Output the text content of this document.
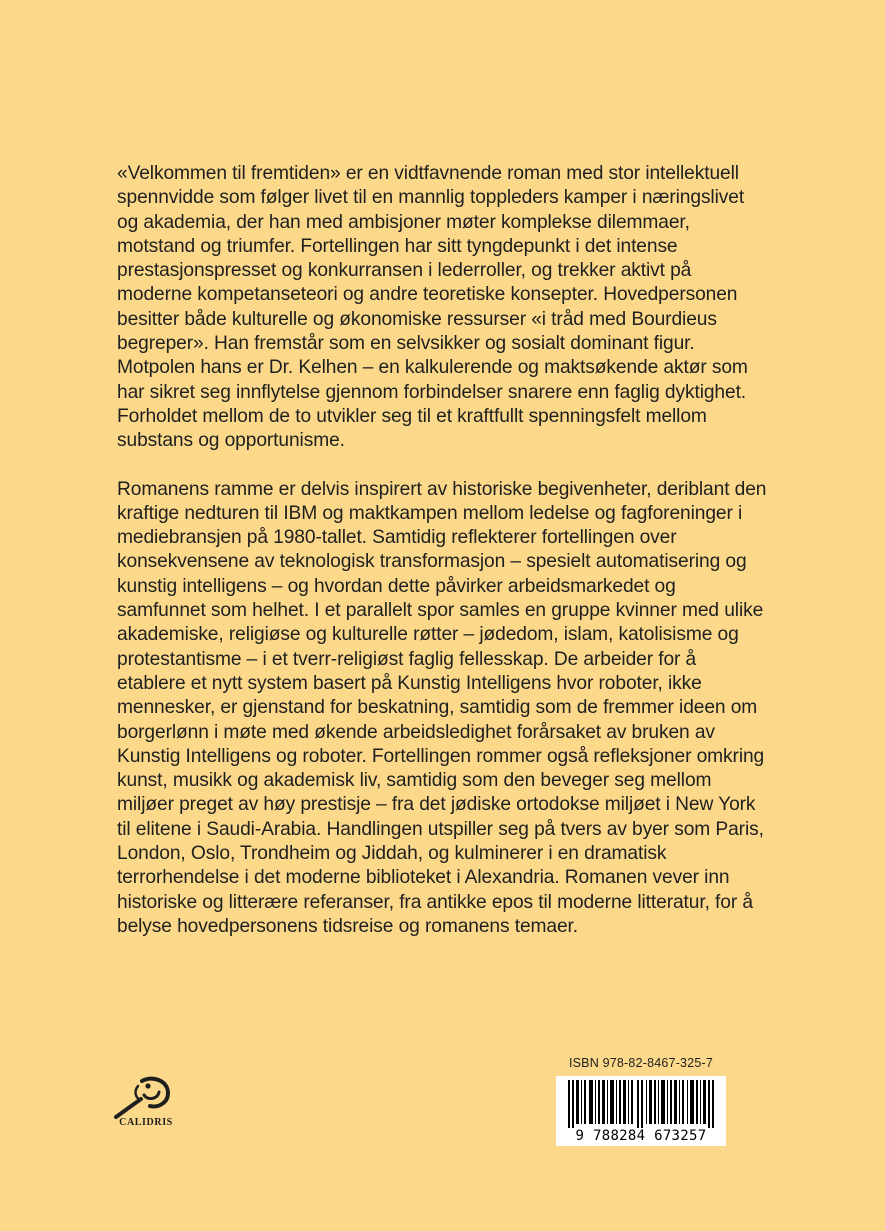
«Velkommen til fremtiden» er en vidtfavnende roman med stor intellektuell spennvidde som følger livet til en mannlig toppleders kamper i næringslivet og akademia, der han med ambisjoner møter komplekse dilemmaer, motstand og triumfer. Fortellingen har sitt tyngdepunkt i det intense prestasjonspresset og konkurransen i lederroller, og trekker aktivt på moderne kompetanseteori og andre teoretiske konsepter. Hovedpersonen besitter både kulturelle og økonomiske ressurser «i tråd med Bourdieus begreper». Han fremstår som en selvsikker og sosialt dominant figur. Motpolen hans er Dr. Kelhen – en kalkulerende og maktsøkende aktør som har sikret seg innflytelse gjennom forbindelser snarere enn faglig dyktighet. Forholdet mellom de to utvikler seg til et kraftfullt spenningsfelt mellom substans og opportunisme.

Romanens ramme er delvis inspirert av historiske begivenheter, deriblant den kraftige nedturen til IBM og maktkampen mellom ledelse og fagforeninger i mediebransjen på 1980-tallet. Samtidig reflekterer fortellingen over konsekvensene av teknologisk transformasjon – spesielt automatisering og kunstig intelligens – og hvordan dette påvirker arbeidsmarkedet og samfunnet som helhet. I et parallelt spor samles en gruppe kvinner med ulike akademiske, religiøse og kulturelle røtter – jødedom, islam, katolisisme og protestantisme – i et tverr-religiøst faglig fellesskap. De arbeider for å etablere et nytt system basert på Kunstig Intelligens hvor roboter, ikke mennesker, er gjenstand for beskatning, samtidig som de fremmer ideen om borgerlønn i møte med økende arbeidsledighet forårsaket av bruken av Kunstig Intelligens og roboter. Fortellingen rommer også refleksjoner omkring kunst, musikk og akademisk liv, samtidig som den beveger seg mellom miljøer preget av høy prestisje – fra det jødiske ortodokse miljøet i New York til elitene i Saudi-Arabia. Handlingen utspiller seg på tvers av byer som Paris, London, Oslo, Trondheim og Jiddah, og kulminerer i en dramatisk terrorhendelse i det moderne biblioteket i Alexandria. Romanen vever inn historiske og litterære referanser, fra antikke epos til moderne litteratur, for å belyse hovedpersonens tidsreise og romanens temaer.

CALIDRIS
ISBN 978-82-8467-325-7
9 788284 673257
